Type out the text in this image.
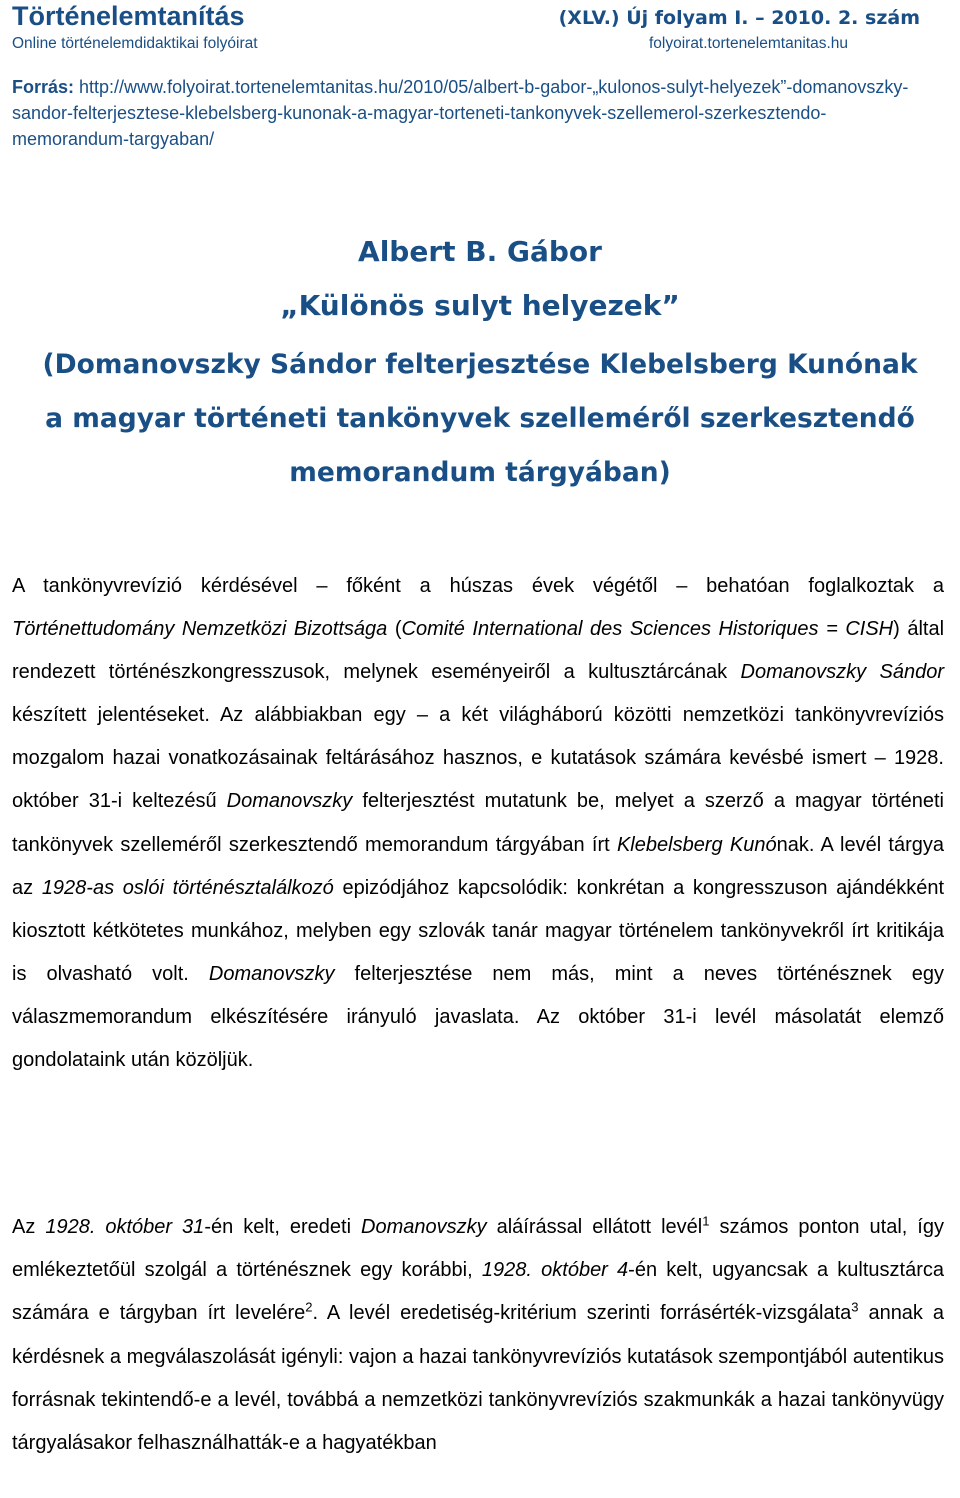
Történelemtanítás
Online történelemdidaktikai folyóirat
(XLV.) Új folyam I. – 2010. 2. szám
folyoirat.tortenelemtanitas.hu
Forrás: http://www.folyoirat.tortenelemtanitas.hu/2010/05/albert-b-gabor-„kulonos-sulyt-helyezek”-domanovszky-sandor-felterjesztese-klebelsberg-kunonak-a-magyar-torteneti-tankonyvek-szellemerol-szerkesztendo-memorandum-targyaban/
Albert B. Gábor
„Különös sulyt helyezek”
(Domanovszky Sándor felterjesztése Klebelsberg Kunónak a magyar történeti tankönyvek szelleméről szerkesztendő memorandum tárgyában)
A tankönyvrevízió kérdésével – főként a húszas évek végétől – behatóan foglalkoztak a Történettudomány Nemzetközi Bizottsága (Comité International des Sciences Historiques = CISH) által rendezett történészkongresszusok, melynek eseményeiről a kultusztárcának Domanovszky Sándor készített jelentéseket. Az alábbiakban egy – a két világháború közötti nemzetközi tankönyvrevíziós mozgalom hazai vonatkozásainak feltárásához hasznos, e kutatások számára kevésbé ismert – 1928. október 31-i keltezésű Domanovszky felterjesztést mutatunk be, melyet a szerző a magyar történeti tankönyvek szelleméről szerkesztendő memorandum tárgyában írt Klebelsberg Kunónak. A levél tárgya az 1928-as oslói történésztalálkozó epizódjához kapcsolódik: konkrétan a kongresszuson ajándékként kiosztott kétkötetes munkához, melyben egy szlovák tanár magyar történelem tankönyvekről írt kritikája is olvasható volt. Domanovszky felterjesztése nem más, mint a neves történésznek egy válaszmemorandum elkészítésére irányuló javaslata. Az október 31-i levél másolatát elemző gondolataink után közöljük.
Az 1928. október 31-én kelt, eredeti Domanovszky aláírással ellátott levél$^1$ számos ponton utal, így emlékeztetőül szolgál a történésznek egy korábbi, 1928. október 4-én kelt, ugyancsak a kultusztárca számára e tárgyban írt levelére$^2$. A levél eredetiség-kritérium szerinti forrásérték-vizsgálata$^3$ annak a kérdésnek a megválaszolását igényli: vajon a hazai tankönyvrevíziós kutatások szempontjából autentikus forrásnak tekintendő-e a levél, továbbá a nemzetközi tankönyvrevíziós szakmunkák a hazai tankönyvügy tárgyalásakor felhasználhatták-e a hagyatékban
